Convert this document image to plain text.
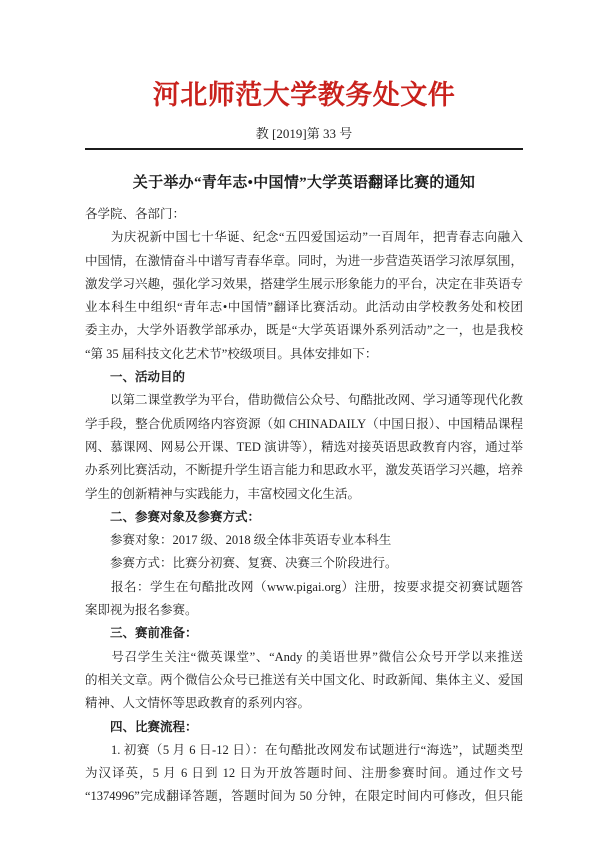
河北师范大学教务处文件
教 [2019]第 33 号
关于举办“青年志•中国情”大学英语翻译比赛的通知
各学院、各部门：
　　为庆祝新中国七十华诞、纪念“五四爱国运动”一百周年，把青春志向融入
中国情，在激情奋斗中谱写青春华章。同时，为进一步营造英语学习浓厚氛围，
激发学习兴趣，强化学习效果，搭建学生展示形象能力的平台，决定在非英语专
业本科生中组织“青年志•中国情”翻译比赛活动。此活动由学校教务处和校团
委主办，大学外语教学部承办，既是“大学英语课外系列活动”之一，也是我校
“第 35 届科技文化艺术节”校级项目。具体安排如下：
　　一、活动目的
　　以第二课堂教学为平台，借助微信公众号、句酷批改网、学习通等现代化教
学手段，整合优质网络内容资源（如 CHINADAILY（中国日报）、中国精品课程
网、慕课网、网易公开课、TED 演讲等），精选对接英语思政教育内容，通过举
办系列比赛活动，不断提升学生语言能力和思政水平，激发英语学习兴趣，培养
学生的创新精神与实践能力，丰富校园文化生活。
　　二、参赛对象及参赛方式：
　　参赛对象：2017 级、2018 级全体非英语专业本科生
　　参赛方式：比赛分初赛、复赛、决赛三个阶段进行。
　　报名：学生在句酷批改网（www.pigai.org）注册，按要求提交初赛试题答
案即视为报名参赛。
　　三、赛前准备：
　　号召学生关注“微英课堂”、“Andy 的美语世界”微信公众号开学以来推送
的相关文章。两个微信公众号已推送有关中国文化、时政新闻、集体主义、爱国
精神、人文情怀等思政教育的系列内容。
　　四、比赛流程：
　　1. 初赛（5 月 6 日-12 日）：在句酷批改网发布试题进行“海选”，试题类型
为汉译英，5 月 6 日到 12 日为开放答题时间、注册参赛时间。通过作文号
“1374996”完成翻译答题，答题时间为 50 分钟，在限定时间内可修改，但只能
